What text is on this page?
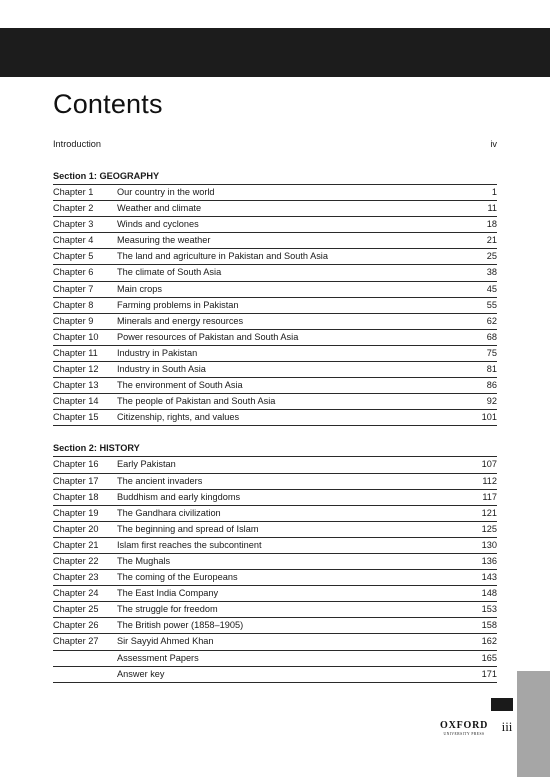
Contents
Introduction	iv
Section 1: GEOGRAPHY
Chapter 1	Our country in the world	1
Chapter 2	Weather and climate	11
Chapter 3	Winds and cyclones	18
Chapter 4	Measuring the weather	21
Chapter 5	The land and agriculture in Pakistan and South Asia	25
Chapter 6	The climate of South Asia	38
Chapter 7	Main crops	45
Chapter 8	Farming problems in Pakistan	55
Chapter 9	Minerals and energy resources	62
Chapter 10	Power resources of Pakistan and South Asia	68
Chapter 11	Industry in Pakistan	75
Chapter 12	Industry in South Asia	81
Chapter 13	The environment of South Asia	86
Chapter 14	The people of Pakistan and South Asia	92
Chapter 15	Citizenship, rights, and values	101
Section 2: HISTORY
Chapter 16	Early Pakistan	107
Chapter 17	The ancient invaders	112
Chapter 18	Buddhism and early kingdoms	117
Chapter 19	The Gandhara civilization	121
Chapter 20	The beginning and spread of Islam	125
Chapter 21	Islam first reaches the subcontinent	130
Chapter 22	The Mughals	136
Chapter 23	The coming of the Europeans	143
Chapter 24	The East India Company	148
Chapter 25	The struggle for freedom	153
Chapter 26	The British power (1858–1905)	158
Chapter 27	Sir Sayyid Ahmed Khan	162
Assessment Papers	165
Answer key	171
OXFORD
UNIVERSITY PRESS	iii
